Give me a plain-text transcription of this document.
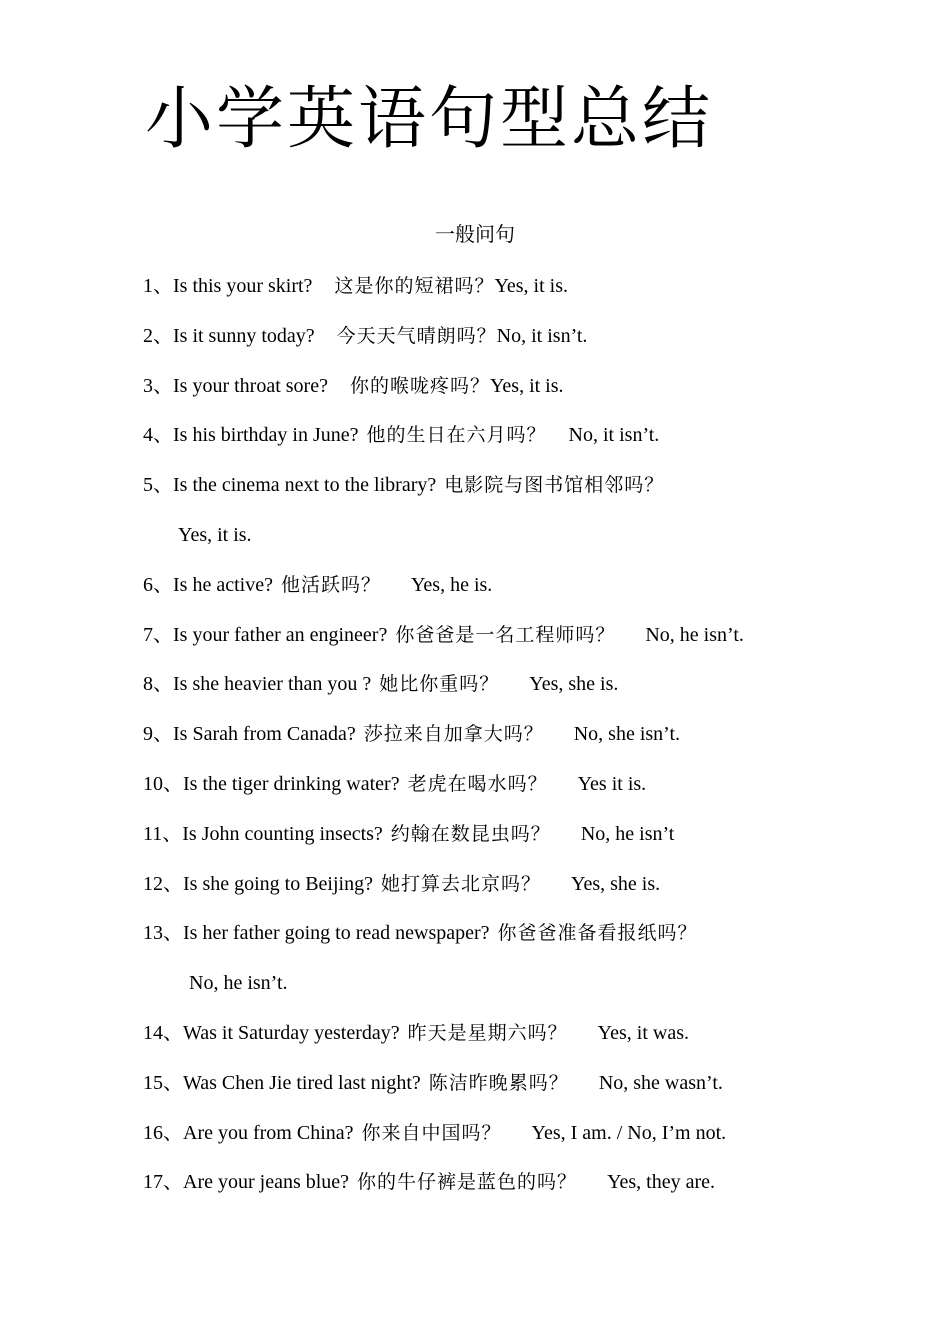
小学英语句型总结
一般问句
1、Is this your skirt? 这是你的短裙吗？Yes, it is.
2、Is it sunny today? 今天天气晴朗吗？No, it isn’t.
3、Is your throat sore? 你的喉咙疼吗？Yes, it is.
4、Is his birthday in June? 他的生日在六月吗？ No, it isn’t.
5、Is the cinema next to the library? 电影院与图书馆相邻吗？
Yes, it is.
6、Is he active? 他活跃吗？ Yes, he is.
7、Is your father an engineer? 你爸爸是一名工程师吗？ No, he isn’t.
8、Is she heavier than you ? 她比你重吗？ Yes, she is.
9、Is Sarah from Canada? 莎拉来自加拿大吗？ No, she isn’t.
10、Is the tiger drinking water? 老虎在喝水吗？ Yes it is.
11、Is John counting insects? 约翰在数昆虫吗？ No, he isn’t
12、Is she going to Beijing? 她打算去北京吗？ Yes, she is.
13、Is her father going to read newspaper? 你爸爸准备看报纸吗？
No, he isn’t.
14、Was it Saturday yesterday? 昨天是星期六吗？ Yes, it was.
15、Was Chen Jie tired last night? 陈洁昨晚累吗？ No, she wasn’t.
16、Are you from China? 你来自中国吗？ Yes, I am. / No, I’m not.
17、Are your jeans blue? 你的牛仔裤是蓝色的吗？ Yes, they are.
